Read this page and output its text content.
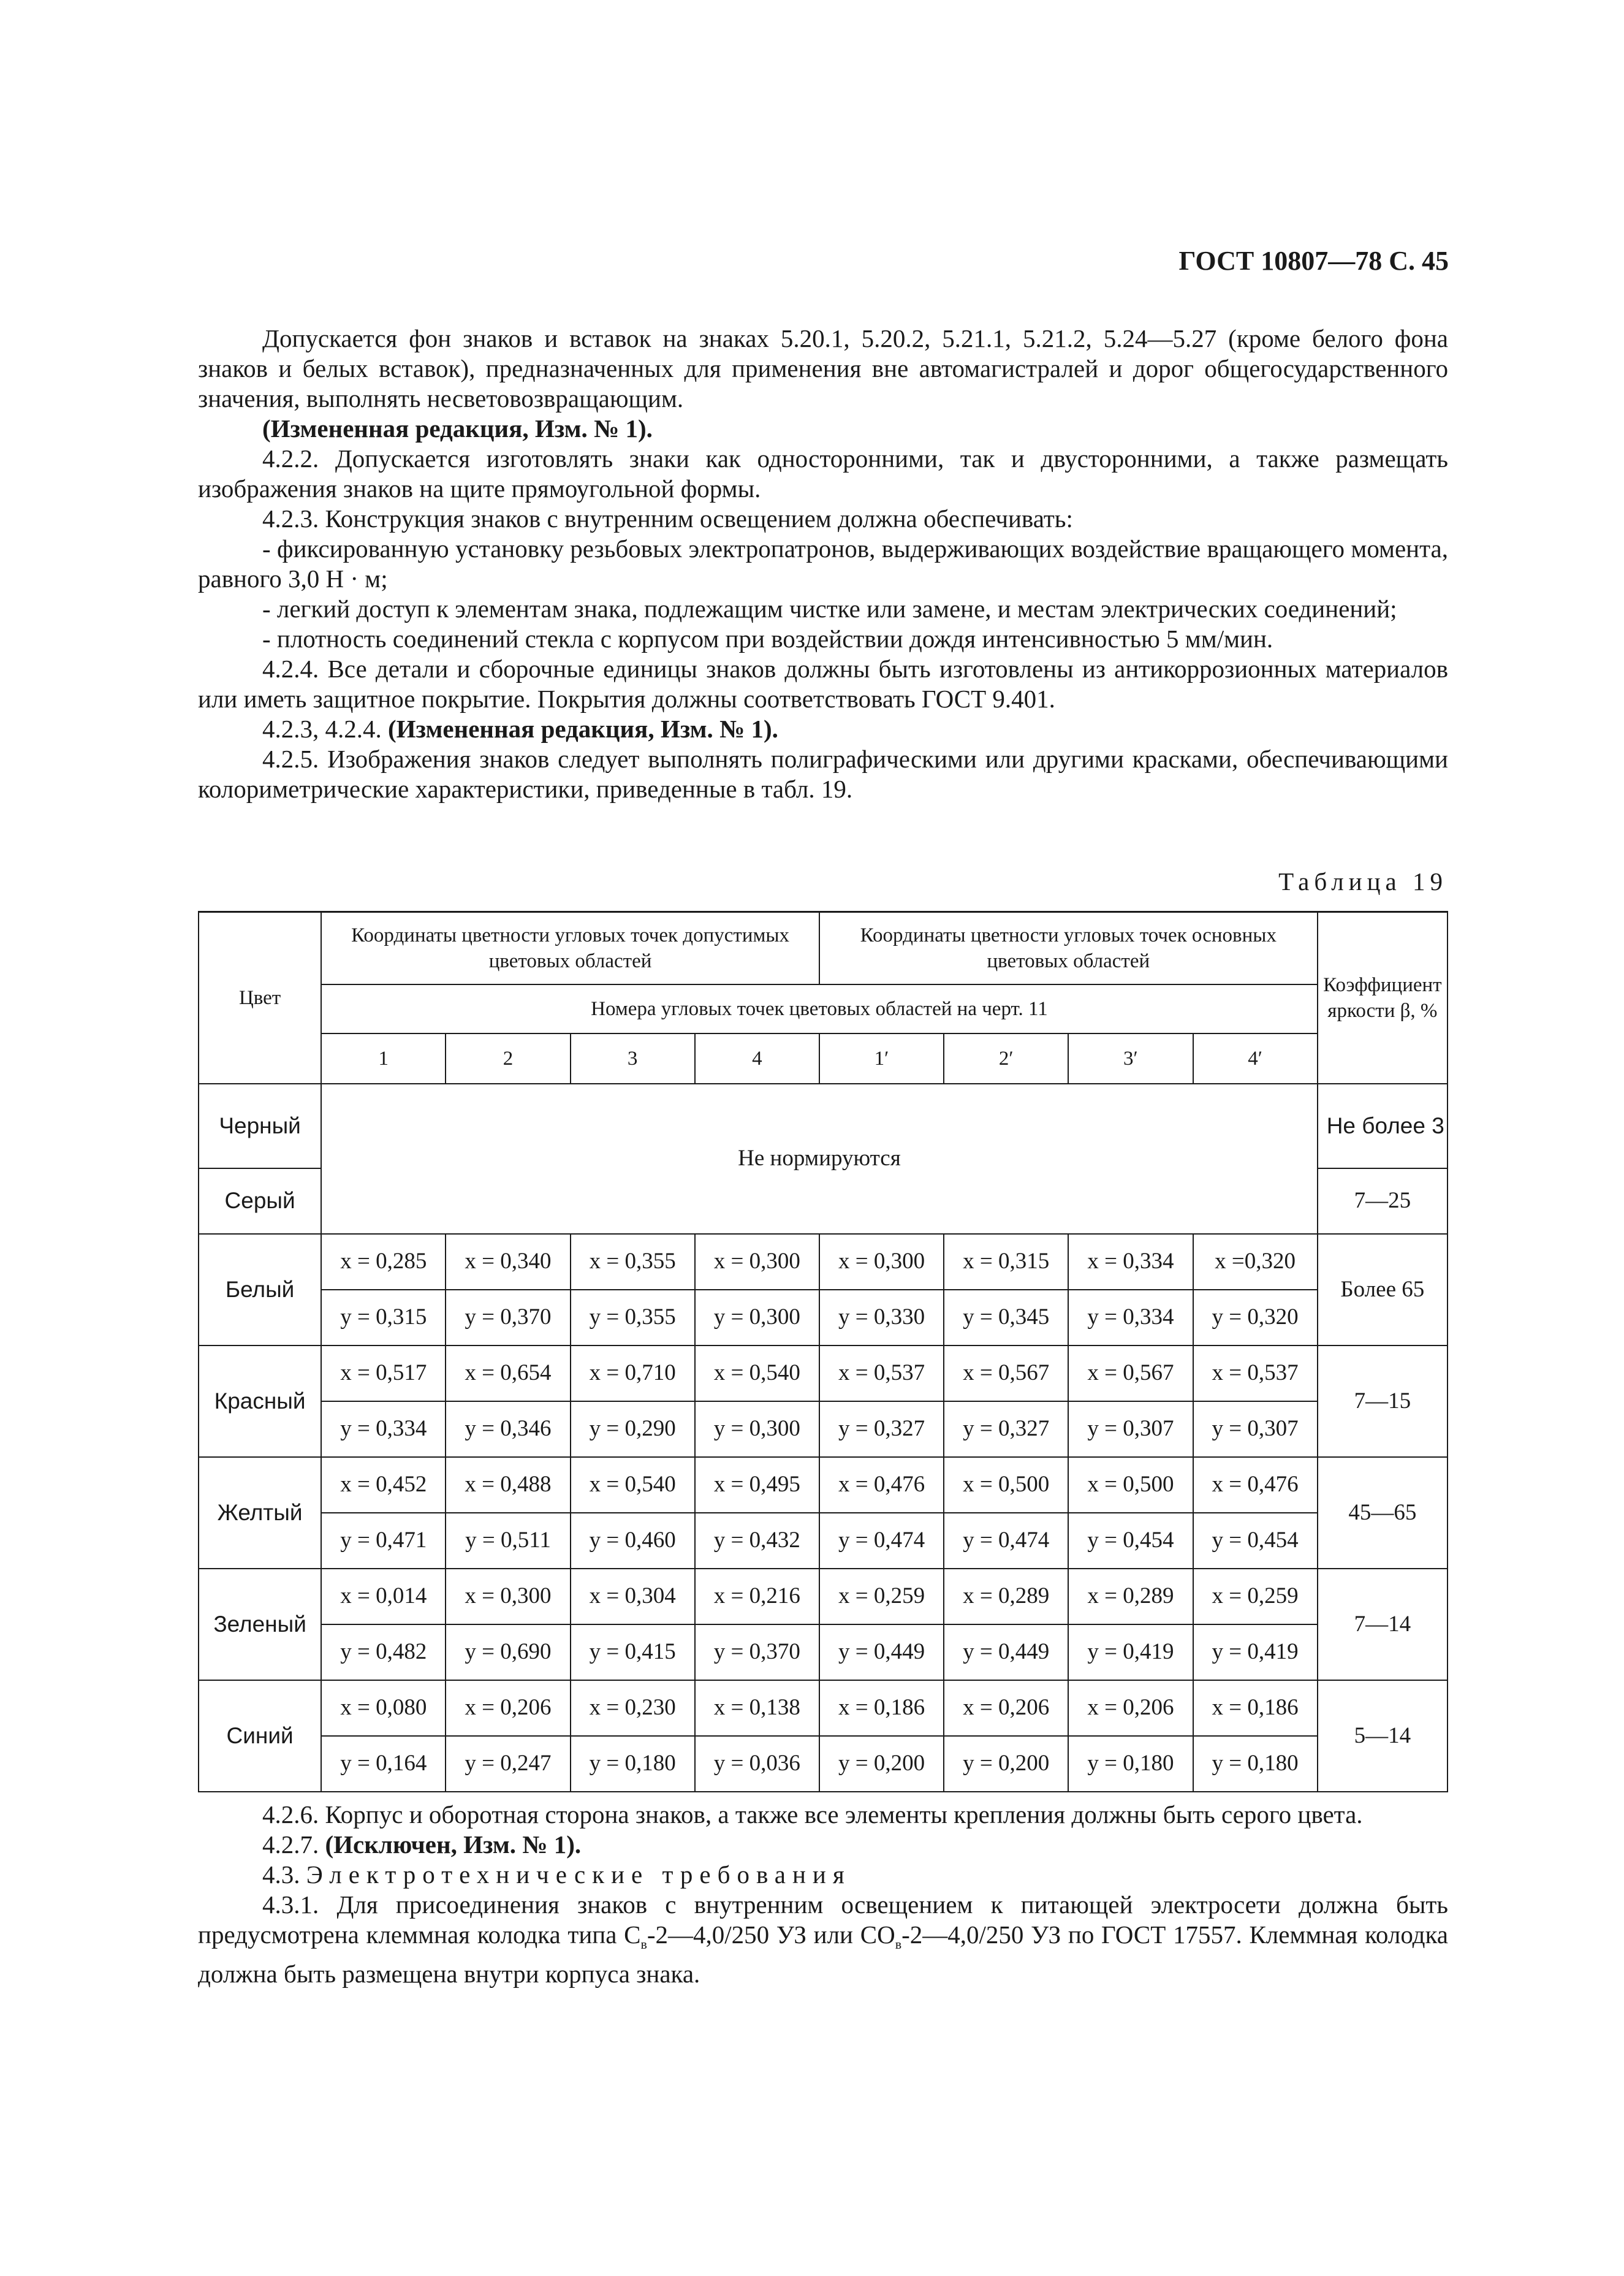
ГОСТ 10807—78 С. 45

Допускается фон знаков и вставок на знаках 5.20.1, 5.20.2, 5.21.1, 5.21.2, 5.24—5.27 (кроме белого фона знаков и белых вставок), предназначенных для применения вне автомагистралей и дорог общегосударственного значения, выполнять несветовозвращающим.

(Измененная редакция, Изм. № 1).

4.2.2. Допускается изготовлять знаки как односторонними, так и двусторонними, а также размещать изображения знаков на щите прямоугольной формы.

4.2.3. Конструкция знаков с внутренним освещением должна обеспечивать:

- фиксированную установку резьбовых электропатронов, выдерживающих воздействие вращающего момента, равного 3,0 Н · м;

- легкий доступ к элементам знака, подлежащим чистке или замене, и местам электрических соединений;

- плотность соединений стекла с корпусом при воздействии дождя интенсивностью 5 мм/мин.

4.2.4. Все детали и сборочные единицы знаков должны быть изготовлены из антикоррозионных материалов или иметь защитное покрытие. Покрытия должны соответствовать ГОСТ 9.401.

4.2.3, 4.2.4. (Измененная редакция, Изм. № 1).

4.2.5. Изображения знаков следует выполнять полиграфическими или другими красками, обеспечивающими колориметрические характеристики, приведенные в табл. 19.

Таблица 19
Цвет	Координаты цветности угловых точек допустимых цветовых областей				Координаты цветности угловых точек основных цветовых областей				Коэффициент яркости β, %
	Номера угловых точек цветовых областей на черт. 11								
	1	2	3	4	1′	2′	3′	4′	
Черный	Не нормируются								Не более 3
Серый									7—25
Белый	x = 0,285	x = 0,340	x = 0,355	x = 0,300	x = 0,300	x = 0,315	x = 0,334	x =0,320	Более 65
	y = 0,315	y = 0,370	y = 0,355	y = 0,300	y = 0,330	y = 0,345	y = 0,334	y = 0,320	
Красный	x = 0,517	x = 0,654	x = 0,710	x = 0,540	x = 0,537	x = 0,567	x = 0,567	x = 0,537	7—15
	y = 0,334	y = 0,346	y = 0,290	y = 0,300	y = 0,327	y = 0,327	y = 0,307	y = 0,307	
Желтый	x = 0,452	x = 0,488	x = 0,540	x = 0,495	x = 0,476	x = 0,500	x = 0,500	x = 0,476	45—65
	y = 0,471	y = 0,511	y = 0,460	y = 0,432	y = 0,474	y = 0,474	y = 0,454	y = 0,454	
Зеленый	x = 0,014	x = 0,300	x = 0,304	x = 0,216	x = 0,259	x = 0,289	x = 0,289	x = 0,259	7—14
	y = 0,482	y = 0,690	y = 0,415	y = 0,370	y = 0,449	y = 0,449	y = 0,419	y = 0,419	
Синий	x = 0,080	x = 0,206	x = 0,230	x = 0,138	x = 0,186	x = 0,206	x = 0,206	x = 0,186	5—14
	y = 0,164	y = 0,247	y = 0,180	y = 0,036	y = 0,200	y = 0,200	y = 0,180	y = 0,180	

4.2.6. Корпус и оборотная сторона знаков, а также все элементы крепления должны быть серого цвета.

4.2.7. (Исключен, Изм. № 1).

4.3. Электротехнические требования

4.3.1. Для присоединения знаков с внутренним освещением к питающей электросети должна быть предусмотрена клеммная колодка типа $С_в-2—4,0/250$ УЗ или $СО_в-2—4,0/250$ УЗ по ГОСТ 17557. Клеммная колодка должна быть размещена внутри корпуса знака.
